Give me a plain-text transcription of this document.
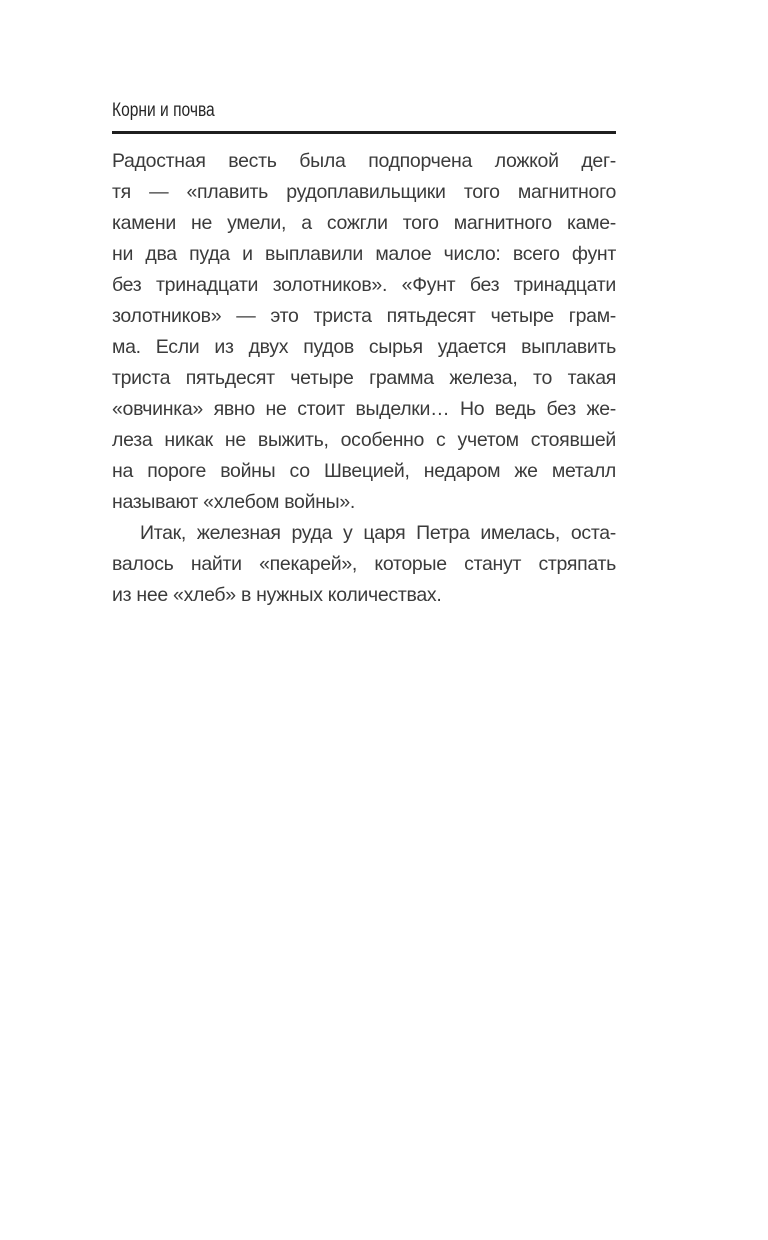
Корни и почва
Радостная весть была подпорчена ложкой дег-
тя — «плавить рудоплавильщики того магнитного
камени не умели, а сожгли того магнитного каме-
ни два пуда и выплавили малое число: всего фунт
без тринадцати золотников». «Фунт без тринадцати
золотников» — это триста пятьдесят четыре грам-
ма. Если из двух пудов сырья удается выплавить
триста пятьдесят четыре грамма железа, то такая
«овчинка» явно не стоит выделки… Но ведь без же-
леза никак не выжить, особенно с учетом стоявшей
на пороге войны со Швецией, недаром же металл
называют «хлебом войны».
Итак, железная руда у царя Петра имелась, оста-
валось найти «пекарей», которые станут стряпать
из нее «хлеб» в нужных количествах.
